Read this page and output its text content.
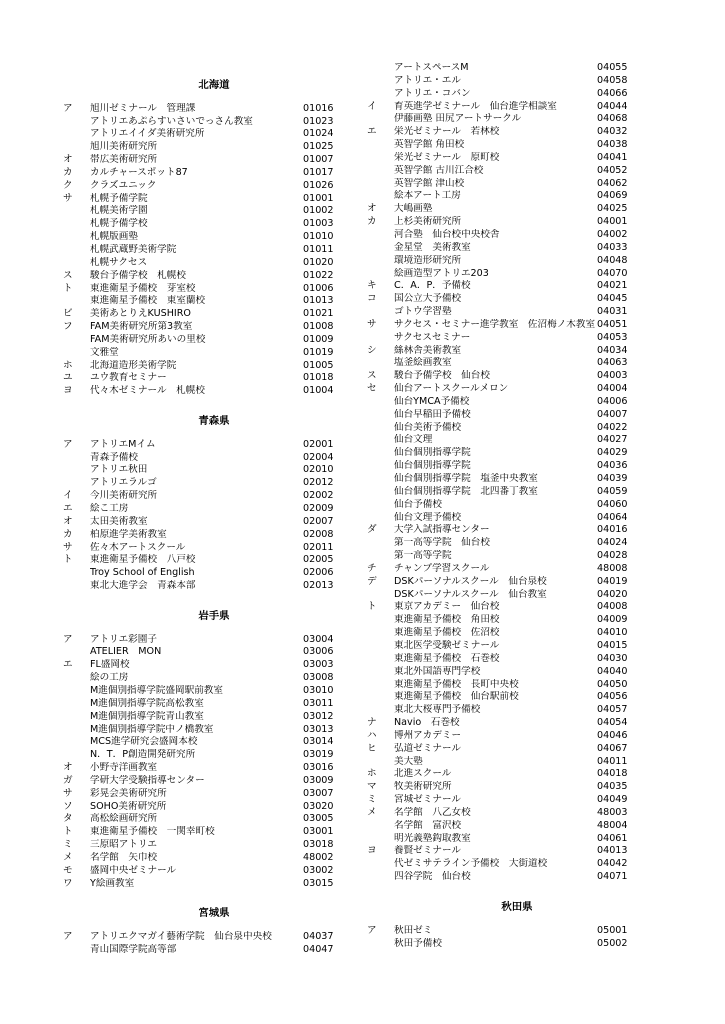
北海道
ア 旭川ゼミナール　管理課	01016
アトリエあぷらすいさいでっさん教室	01023
アトリエイイダ美術研究所	01024
旭川美術研究所	01025
オ 帯広美術研究所	01007
カ カルチャースポット87	01017
ク クラズユニック	01026
サ 札幌予備学院	01001
札幌美術学園	01002
札幌予備学校	01003
札幌版画塾	01010
札幌武蔵野美術学院	01011
札幌サクセス	01020
ス 駿台予備学校　札幌校	01022
ト 東進衛星予備校　芽室校	01006
東進衛星予備校　東室蘭校	01013
ビ 美術あとりえKUSHIRO	01021
フ FAM美術研究所第3教室	01008
FAM美術研究所あいの里校	01009
文雅堂	01019
ホ 北海道造形美術学院	01005
ユ ユウ教育セミナー	01018
ヨ 代々木ゼミナール　札幌校	01004
青森県
ア アトリエMイム	02001
青森予備校	02004
アトリエ秋田	02010
アトリエラルゴ	02012
イ 今川美術研究所	02002
エ 絵こ工房	02009
オ 太田美術教室	02007
カ 柏原進学美術教室	02008
サ 佐々木アートスクール	02011
ト 東進衛星予備校　八戸校	02005
Troy School of English	02006
東北大進学会　青森本部	02013
岩手県
ア アトリエ彩園子	03004
ATELIER　MON	03006
エ FL盛岡校	03003
絵の工房	03008
M進個別指導学院盛岡駅前教室	03010
M進個別指導学院高松教室	03011
M進個別指導学院青山教室	03012
M進個別指導学院中ノ橋教室	03013
MCS進学研究会盛岡本校	03014
N．T．P創造開発研究所	03019
オ 小野寺洋画教室	03016
ガ 学研大学受験指導センター	03009
サ 彩晃会美術研究所	03007
ソ SOHO美術研究所	03020
タ 高松絵画研究所	03005
ト 東進衛星予備校　一関幸町校	03001
ミ 三原昭アトリエ	03018
メ 名学館　矢巾校	48002
モ 盛岡中央ゼミナール	03002
ワ Y絵画教室	03015
宮城県
ア アトリエクマガイ藝術学院　仙台泉中央校	04037
青山国際学院高等部	04047
アートスペースM	04055
アトリエ・エル	04058
アトリエ・コバン	04066
イ 育英進学ゼミナール　仙台進学相談室	04044
伊藤画塾 田尻アートサークル	04068
エ 栄光ゼミナール　若林校	04032
英智学館 角田校	04038
栄光ゼミナール　原町校	04041
英智学館 古川江合校	04052
英智学館 津山校	04062
絵本アート工房	04069
オ 大嶋画塾	04025
カ 上杉美術研究所	04001
河合塾　仙台校中央校舎	04002
金星堂　美術教室	04033
環境造形研究所	04048
絵画造型アトリエ203	04070
キ C．A．P．予備校	04021
コ 国公立大予備校	04045
ゴトウ学習塾	04031
サ サクセス・セミナー進学教室　佐沼梅ノ木教室 04051
サクセスセミナー	04053
シ 絲林舎美術教室	04034
塩釜絵画教室	04063
ス 駿台予備学校　仙台校	04003
セ 仙台アートスクールメロン	04004
仙台YMCA予備校	04006
仙台早稲田予備校	04007
仙台美術予備校	04022
仙台文理	04027
仙台個別指導学院	04029
仙台個別指導学院	04036
仙台個別指導学院　塩釜中央教室	04039
仙台個別指導学院　北四番丁教室	04059
仙台予備校	04060
仙台文理予備校	04064
ダ 大学入試指導センター	04016
第一高等学院　仙台校	04024
第一高等学院	04028
チ チャンプ学習スクール	48008
デ DSKパーソナルスクール　仙台泉校	04019
DSKパーソナルスクール　仙台教室	04020
ト 東京アカデミー　仙台校	04008
東進衛星予備校　角田校	04009
東進衛星予備校　佐沼校	04010
東北医学受験ゼミナール	04015
東進衛星予備校　石巻校	04030
東北外国語専門学校	04040
東進衛星予備校　長町中央校	04050
東進衛星予備校　仙台駅前校	04056
東北大桜専門予備校	04057
ナ Navio　石巻校	04054
ハ 博州アカデミー	04046
ヒ 弘道ゼミナール	04067
美大塾	04011
ホ 北進スクール	04018
マ 牧美術研究所	04035
ミ 宮城ゼミナール	04049
メ 名学館　八乙女校	48003
名学館　富沢校	48004
明光義塾鈎取教室	04061
ヨ 養賢ゼミナール	04013
代ゼミサテライン予備校　大街道校	04042
四谷学院　仙台校	04071
秋田県
ア 秋田ゼミ	05001
秋田予備校	05002
